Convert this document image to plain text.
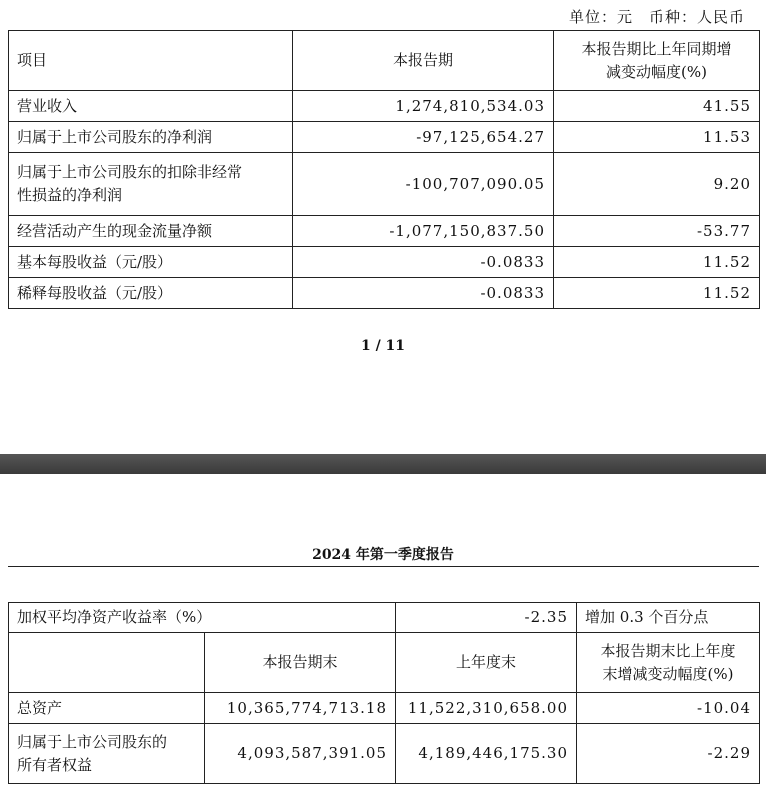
单位：元　币种：人民币
项目	本报告期	本报告期比上年同期增
减变动幅度(%)

营业收入	1,274,810,534.03	41.55
归属于上市公司股东的净利润	-97,125,654.27	11.53

归属于上市公司股东的扣除非经常
性损益的净利润	-100,707,090.05	9.20
经营活动产生的现金流量净额	-1,077,150,837.50	-53.77
基本每股收益（元/股）	-0.0833	11.52
稀释每股收益（元/股）	-0.0833	11.52
1 / 11
2024 年第一季度报告
加权平均净资产收益率（%）		-2.35	增加 0.3 个百分点
	本报告期末	上年度末	本报告期末比上年度
末增减变动幅度(%)

总资产	10,365,774,713.18	11,522,310,658.00	-10.04

归属于上市公司股东的
所有者权益	4,093,587,391.05	4,189,446,175.30	-2.29
